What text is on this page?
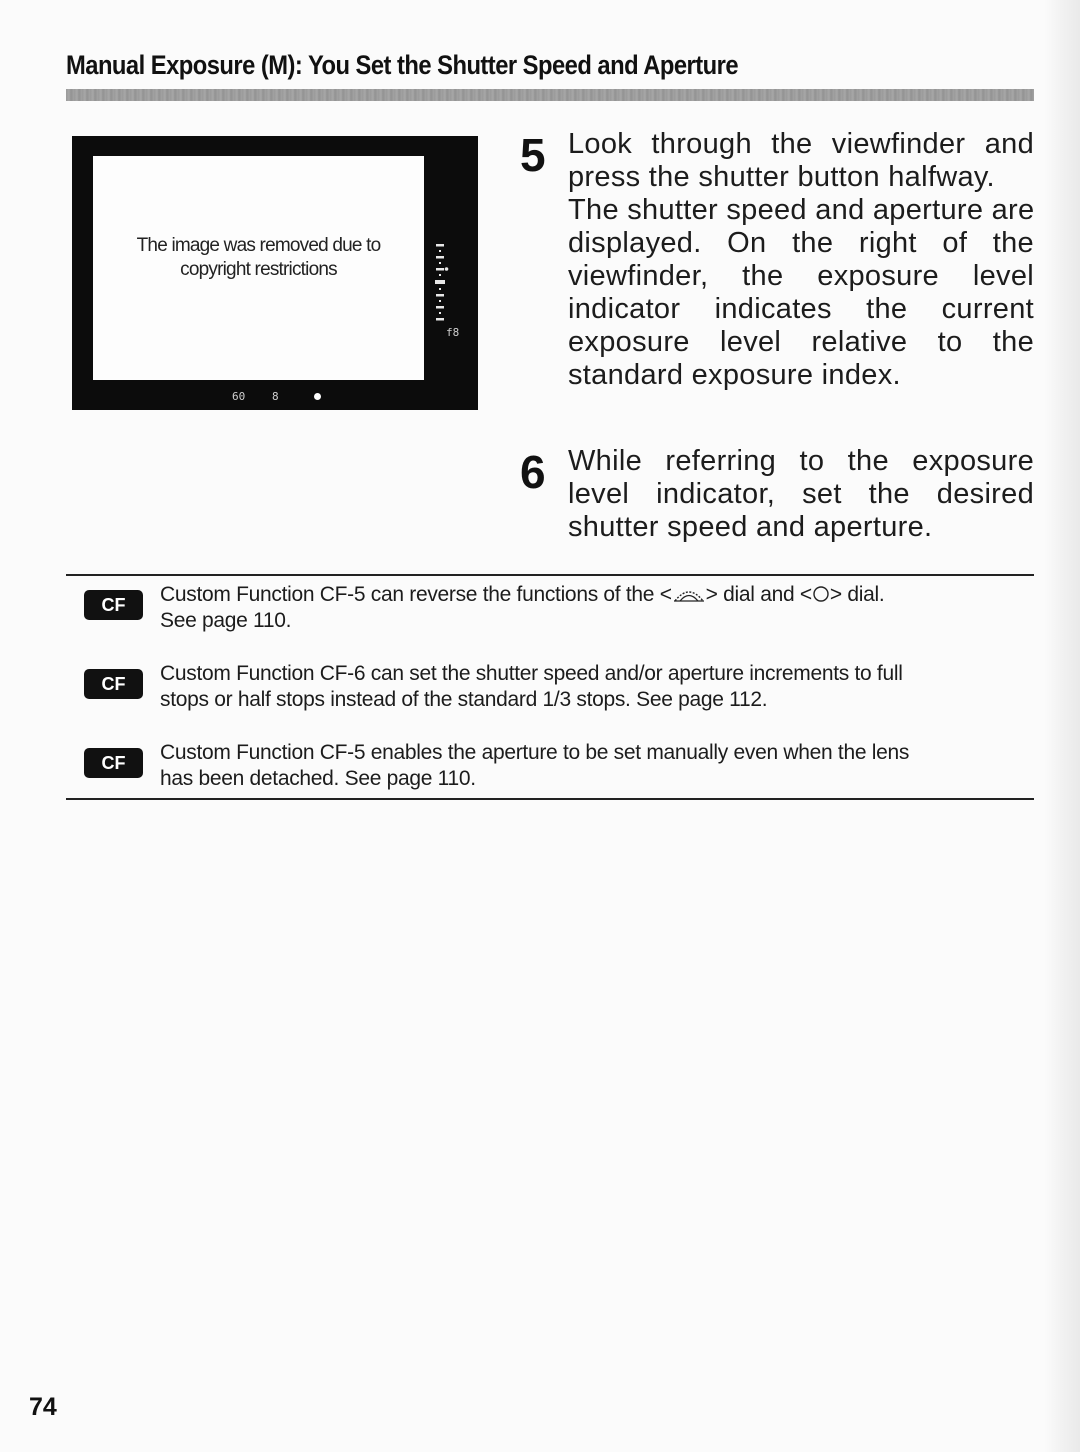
Manual Exposure (M): You Set the Shutter Speed and Aperture
The image was removed due to
copyright restrictions
f8
60 8
5 Look through the viewfinder and
press the shutter button halfway.
The shutter speed and aperture are
displayed. On the right of the
viewfinder, the exposure level
indicator indicates the current
exposure level relative to the
standard exposure index.
6 While referring to the exposure
level indicator, set the desired
shutter speed and aperture.
CF	Custom Function CF-5 can reverse the functions of the < > dial and < > dial.
See page 110.
CF	Custom Function CF-6 can set the shutter speed and/or aperture increments to full
stops or half stops instead of the standard 1/3 stops. See page 112.
CF	Custom Function CF-5 enables the aperture to be set manually even when the lens
has been detached. See page 110.
74
